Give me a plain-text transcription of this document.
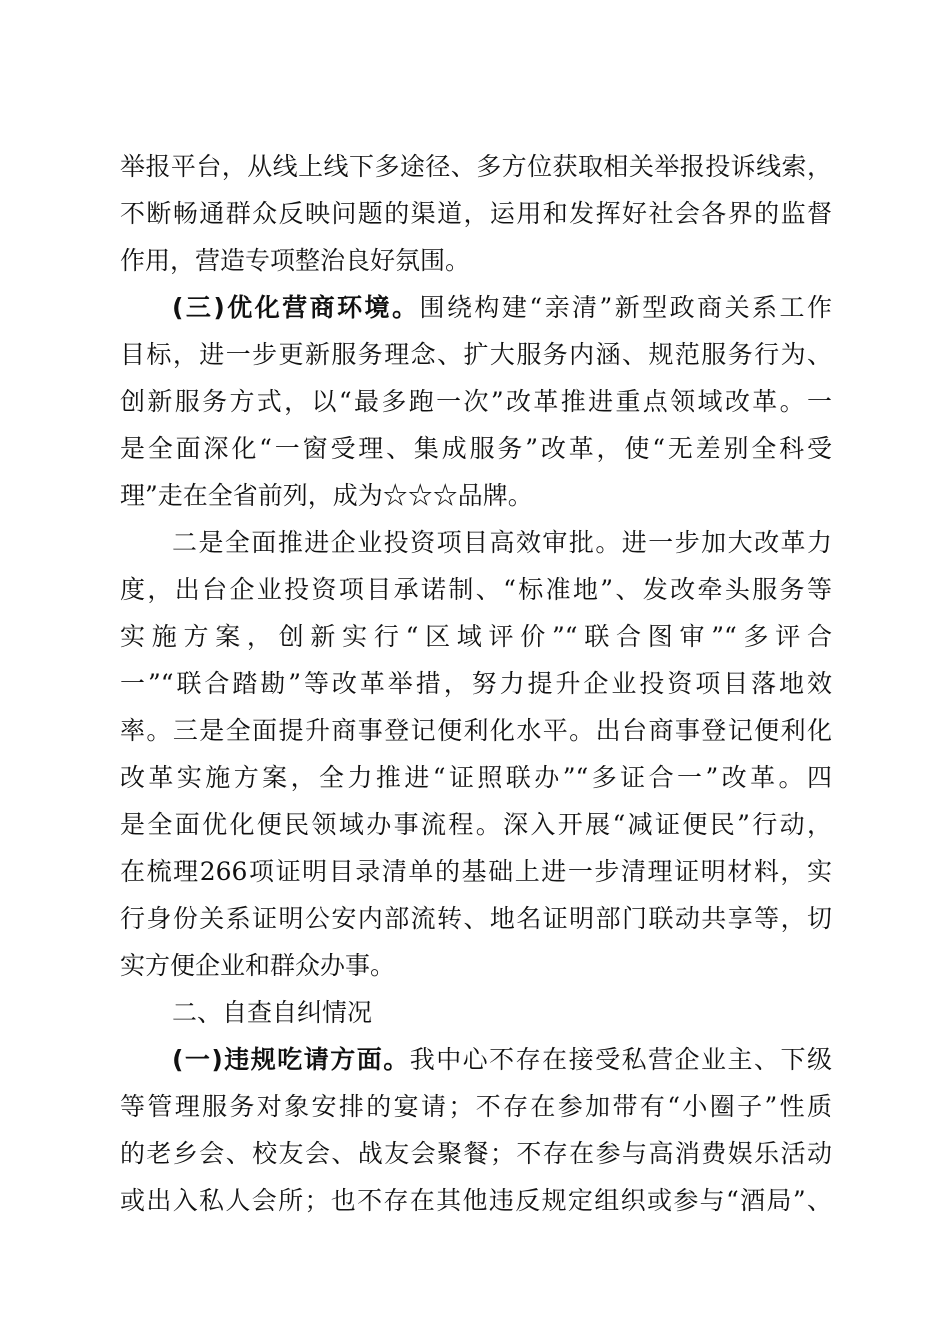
举报平台，从线上线下多途径、多方位获取相关举报投诉线索，
不断畅通群众反映问题的渠道，运用和发挥好社会各界的监督
作用，营造专项整治良好氛围。
(三)优化营商环境。围绕构建“亲清”新型政商关系工作
目标，进一步更新服务理念、扩大服务内涵、规范服务行为、
创新服务方式，以“最多跑一次”改革推进重点领域改革。一
是全面深化“一窗受理、集成服务”改革，使“无差别全科受
理”走在全省前列，成为☆☆☆品牌。
二是全面推进企业投资项目高效审批。进一步加大改革力
度，出台企业投资项目承诺制、“标准地”、发改牵头服务等
实施方案，创新实行“区域评价”“联合图审”“多评合
一”“联合踏勘”等改革举措，努力提升企业投资项目落地效
率。三是全面提升商事登记便利化水平。出台商事登记便利化
改革实施方案，全力推进“证照联办”“多证合一”改革。四
是全面优化便民领域办事流程。深入开展“减证便民”行动，
在梳理266项证明目录清单的基础上进一步清理证明材料，实
行身份关系证明公安内部流转、地名证明部门联动共享等，切
实方便企业和群众办事。
二、自查自纠情况
(一)违规吃请方面。我中心不存在接受私营企业主、下级
等管理服务对象安排的宴请；不存在参加带有“小圈子”性质
的老乡会、校友会、战友会聚餐；不存在参与高消费娱乐活动
或出入私人会所；也不存在其他违反规定组织或参与“酒局”、
